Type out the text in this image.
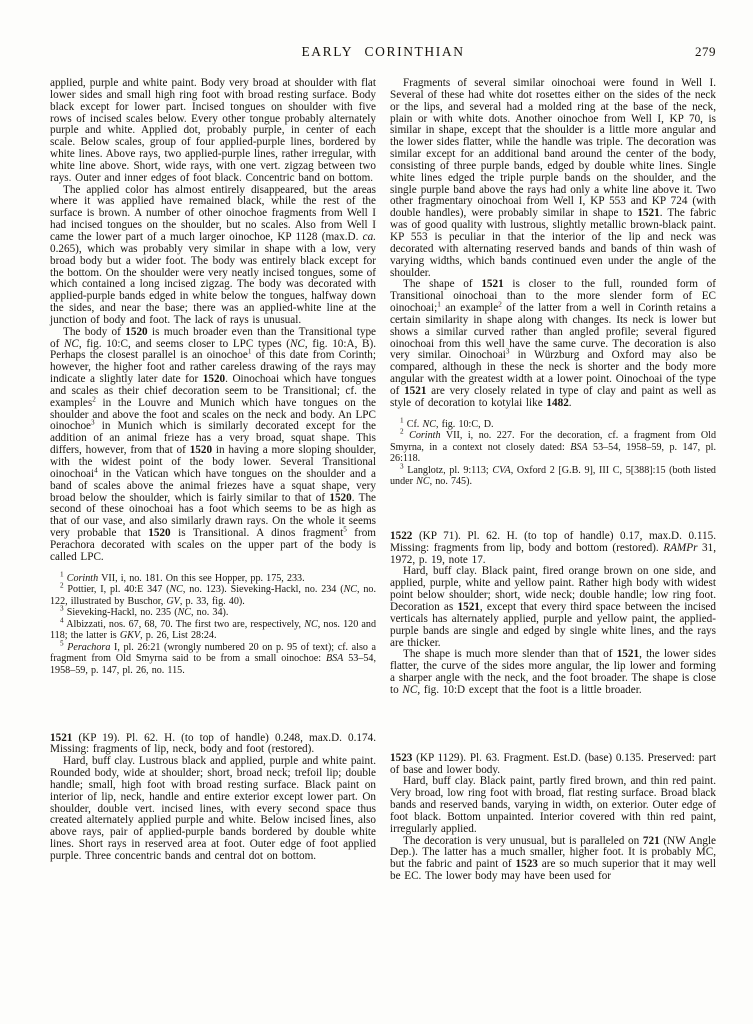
EARLY CORINTHIAN	279

applied, purple and white paint. Body very broad at shoulder with flat lower sides and small high ring foot with broad resting surface. Body black except for lower part. Incised tongues on shoulder with five rows of incised scales below. Every other tongue probably alternately purple and white. Applied dot, probably purple, in center of each scale. Below scales, group of four applied-purple lines, bordered by white lines. Above rays, two applied-purple lines, rather irregular, with white line above. Short, wide rays, with one vert. zigzag between two rays. Outer and inner edges of foot black. Concentric band on bottom.

The applied color has almost entirely disappeared, but the areas where it was applied have remained black, while the rest of the surface is brown. A number of other oinochoe fragments from Well I had incised tongues on the shoulder, but no scales. Also from Well I came the lower part of a much larger oinochoe, KP 1128 (max.D. ca. 0.265), which was probably very similar in shape with a low, very broad body but a wider foot. The body was entirely black except for the bottom. On the shoulder were very neatly incised tongues, some of which contained a long incised zigzag. The body was decorated with applied-purple bands edged in white below the tongues, halfway down the sides, and near the base; there was an applied-white line at the junction of body and foot. The lack of rays is unusual.

The body of 1520 is much broader even than the Transitional type of NC, fig. 10:C, and seems closer to LPC types (NC, fig. 10:A, B). Perhaps the closest parallel is an oinochoe$^1$ of this date from Corinth; however, the higher foot and rather careless drawing of the rays may indicate a slightly later date for 1520. Oinochoai which have tongues and scales as their chief decoration seem to be Transitional; cf. the examples$^2$ in the Louvre and Munich which have tongues on the shoulder and above the foot and scales on the neck and body. An LPC oinochoe$^3$ in Munich which is similarly decorated except for the addition of an animal frieze has a very broad, squat shape. This differs, however, from that of 1520 in having a more sloping shoulder, with the widest point of the body lower. Several Transitional oinochoai$^4$ in the Vatican which have tongues on the shoulder and a band of scales above the animal friezes have a squat shape, very broad below the shoulder, which is fairly similar to that of 1520. The second of these oinochoai has a foot which seems to be as high as that of our vase, and also similarly drawn rays. On the whole it seems very probable that 1520 is Transitional. A dinos fragment$^5$ from Perachora decorated with scales on the upper part of the body is called LPC.

$^1$ Corinth VII, i, no. 181. On this see Hopper, pp. 175, 233.

$^2$ Pottier, I, pl. 40:E 347 (NC, no. 123). Sieveking-Hackl, no. 234 (NC, no. 122, illustrated by Buschor, GV, p. 33, fig. 40).

$^3$ Sieveking-Hackl, no. 235 (NC, no. 34).

$^4$ Albizzati, nos. 67, 68, 70. The first two are, respectively, NC, nos. 120 and 118; the latter is GKV, p. 26, List 28:24.

$^5$ Perachora I, pl. 26:21 (wrongly numbered 20 on p. 95 of text); cf. also a fragment from Old Smyrna said to be from a small oinochoe: BSA 53–54, 1958–59, p. 147, pl. 26, no. 115.

1521 (KP 19). Pl. 62. H. (to top of handle) 0.248, max.D. 0.174. Missing: fragments of lip, neck, body and foot (restored).

Hard, buff clay. Lustrous black and applied, purple and white paint. Rounded body, wide at shoulder; short, broad neck; trefoil lip; double handle; small, high foot with broad resting surface. Black paint on interior of lip, neck, handle and entire exterior except lower part. On shoulder, double vert. incised lines, with every second space thus created alternately applied purple and white. Below incised lines, also above rays, pair of applied-purple bands bordered by double white lines. Short rays in reserved area at foot. Outer edge of foot applied purple. Three concentric bands and central dot on bottom.

Fragments of several similar oinochoai were found in Well I. Several of these had white dot rosettes either on the sides of the neck or the lips, and several had a molded ring at the base of the neck, plain or with white dots. Another oinochoe from Well I, KP 70, is similar in shape, except that the shoulder is a little more angular and the lower sides flatter, while the handle was triple. The decoration was similar except for an additional band around the center of the body, consisting of three purple bands, edged by double white lines. Single white lines edged the triple purple bands on the shoulder, and the single purple band above the rays had only a white line above it. Two other fragmentary oinochoai from Well I, KP 553 and KP 724 (with double handles), were probably similar in shape to 1521. The fabric was of good quality with lustrous, slightly metallic brown-black paint. KP 553 is peculiar in that the interior of the lip and neck was decorated with alternating reserved bands and bands of thin wash of varying widths, which bands continued even under the angle of the shoulder.

The shape of 1521 is closer to the full, rounded form of Transitional oinochoai than to the more slender form of EC oinochoai;$^1$ an example$^2$ of the latter from a well in Corinth retains a certain similarity in shape along with changes. Its neck is lower but shows a similar curved rather than angled profile; several figured oinochoai from this well have the same curve. The decoration is also very similar. Oinochoai$^3$ in Würzburg and Oxford may also be compared, although in these the neck is shorter and the body more angular with the greatest width at a lower point. Oinochoai of the type of 1521 are very closely related in type of clay and paint as well as style of decoration to kotylai like 1482.

$^1$ Cf. NC, fig. 10:C, D.

$^2$ Corinth VII, i, no. 227. For the decoration, cf. a fragment from Old Smyrna, in a context not closely dated: BSA 53–54, 1958–59, p. 147, pl. 26:118.

$^3$ Langlotz, pl. 9:113; CVA, Oxford 2 [G.B. 9], III C, 5[388]:15 (both listed under NC, no. 745).

1522 (KP 71). Pl. 62. H. (to top of handle) 0.17, max.D. 0.115. Missing: fragments from lip, body and bottom (restored). RAMPr 31, 1972, p. 19, note 17.

Hard, buff clay. Black paint, fired orange brown on one side, and applied, purple, white and yellow paint. Rather high body with widest point below shoulder; short, wide neck; double handle; low ring foot. Decoration as 1521, except that every third space between the incised verticals has alternately applied, purple and yellow paint, the applied-purple bands are single and edged by single white lines, and the rays are thicker.

The shape is much more slender than that of 1521, the lower sides flatter, the curve of the sides more angular, the lip lower and forming a sharper angle with the neck, and the foot broader. The shape is close to NC, fig. 10:D except that the foot is a little broader.

1523 (KP 1129). Pl. 63. Fragment. Est.D. (base) 0.135. Preserved: part of base and lower body.

Hard, buff clay. Black paint, partly fired brown, and thin red paint. Very broad, low ring foot with broad, flat resting surface. Broad black bands and reserved bands, varying in width, on exterior. Outer edge of foot black. Bottom unpainted. Interior covered with thin red paint, irregularly applied.

The decoration is very unusual, but is paralleled on 721 (NW Angle Dep.). The latter has a much smaller, higher foot. It is probably MC, but the fabric and paint of 1523 are so much superior that it may well be EC. The lower body may have been used for
